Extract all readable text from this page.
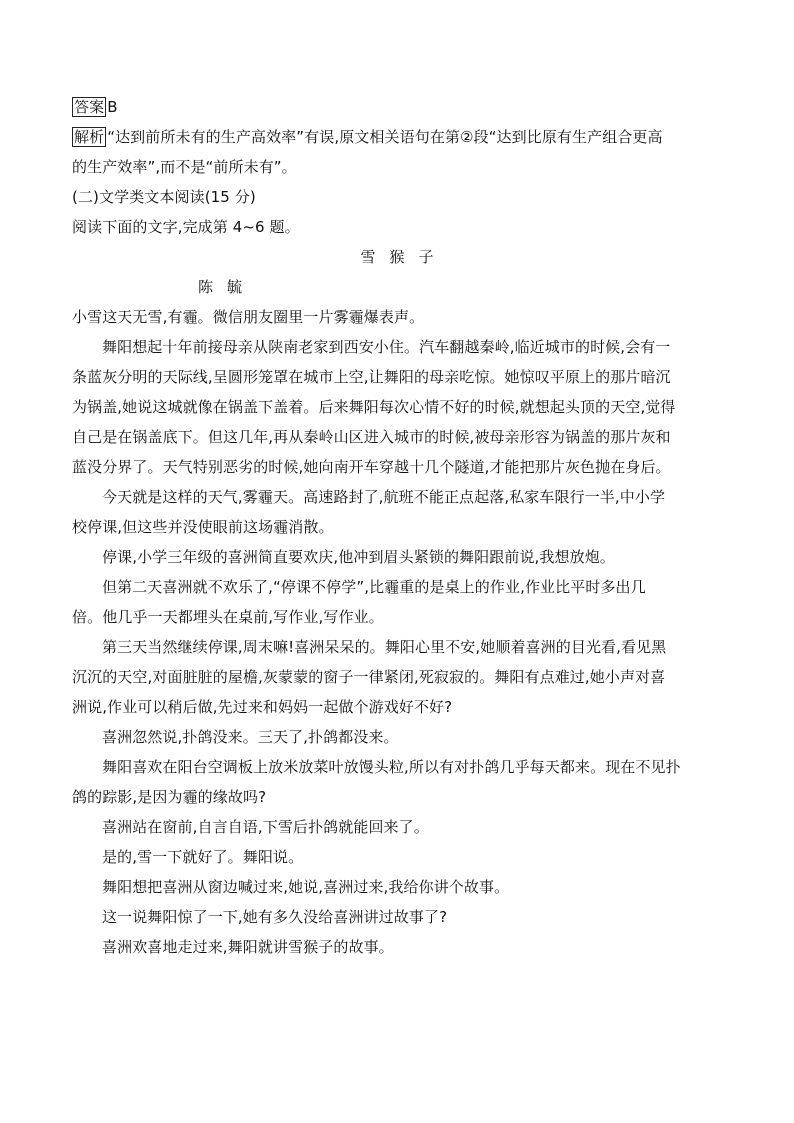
答案 B
解析 “达到前所未有的生产高效率”有误,原文相关语句在第②段“达到比原有生产组合更高
的生产效率”,而不是“前所未有”。
(二)文学类文本阅读(15 分)
阅读下面的文字,完成第 4~6 题。
雪猴子
陈毓
小雪这天无雪,有霾。微信朋友圈里一片雾霾爆表声。
舞阳想起十年前接母亲从陕南老家到西安小住。汽车翻越秦岭,临近城市的时候,会有一
条蓝灰分明的天际线,呈圆形笼罩在城市上空,让舞阳的母亲吃惊。她惊叹平原上的那片暗沉
为锅盖,她说这城就像在锅盖下盖着。后来舞阳每次心情不好的时候,就想起头顶的天空,觉得
自己是在锅盖底下。但这几年,再从秦岭山区进入城市的时候,被母亲形容为锅盖的那片灰和
蓝没分界了。天气特别恶劣的时候,她向南开车穿越十几个隧道,才能把那片灰色抛在身后。
今天就是这样的天气,雾霾天。高速路封了,航班不能正点起落,私家车限行一半,中小学
校停课,但这些并没使眼前这场霾消散。
停课,小学三年级的喜洲简直要欢庆,他冲到眉头紧锁的舞阳跟前说,我想放炮。
但第二天喜洲就不欢乐了,“停课不停学”,比霾重的是桌上的作业,作业比平时多出几
倍。他几乎一天都埋头在桌前,写作业,写作业。
第三天当然继续停课,周末嘛!喜洲呆呆的。舞阳心里不安,她顺着喜洲的目光看,看见黑
沉沉的天空,对面脏脏的屋檐,灰蒙蒙的窗子一律紧闭,死寂寂的。舞阳有点难过,她小声对喜
洲说,作业可以稍后做,先过来和妈妈一起做个游戏好不好?
喜洲忽然说,扑鸽没来。三天了,扑鸽都没来。
舞阳喜欢在阳台空调板上放米放菜叶放馒头粒,所以有对扑鸽几乎每天都来。现在不见扑
鸽的踪影,是因为霾的缘故吗?
喜洲站在窗前,自言自语,下雪后扑鸽就能回来了。
是的,雪一下就好了。舞阳说。
舞阳想把喜洲从窗边喊过来,她说,喜洲过来,我给你讲个故事。
这一说舞阳惊了一下,她有多久没给喜洲讲过故事了?
喜洲欢喜地走过来,舞阳就讲雪猴子的故事。
